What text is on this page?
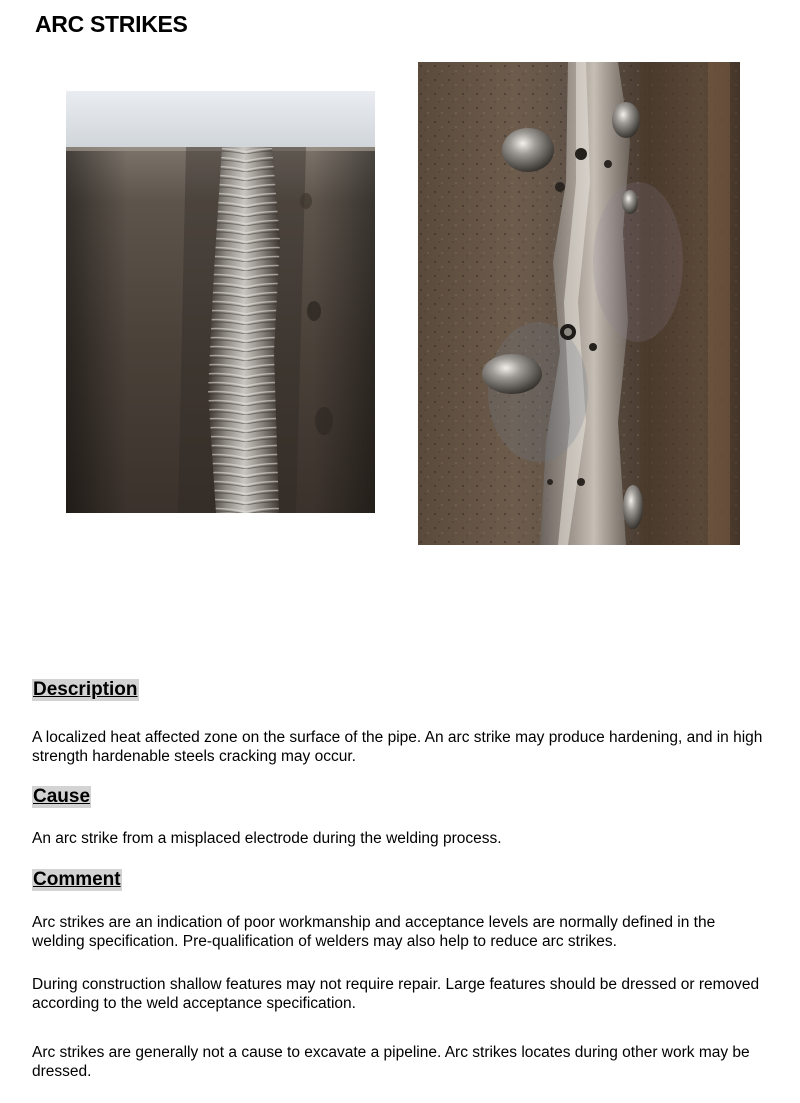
ARC STRIKES
Description

A localized heat affected zone on the surface of the pipe. An arc strike may produce hardening, and in high strength hardenable steels cracking may occur.

Cause

An arc strike from a misplaced electrode during the welding process.

Comment

Arc strikes are an indication of poor workmanship and acceptance levels are normally defined in the welding specification. Pre-qualification of welders may also help to reduce arc strikes.

During construction shallow features may not require repair. Large features should be dressed or removed according to the weld acceptance specification.

Arc strikes are generally not a cause to excavate a pipeline. Arc strikes locates during other work may be dressed.
